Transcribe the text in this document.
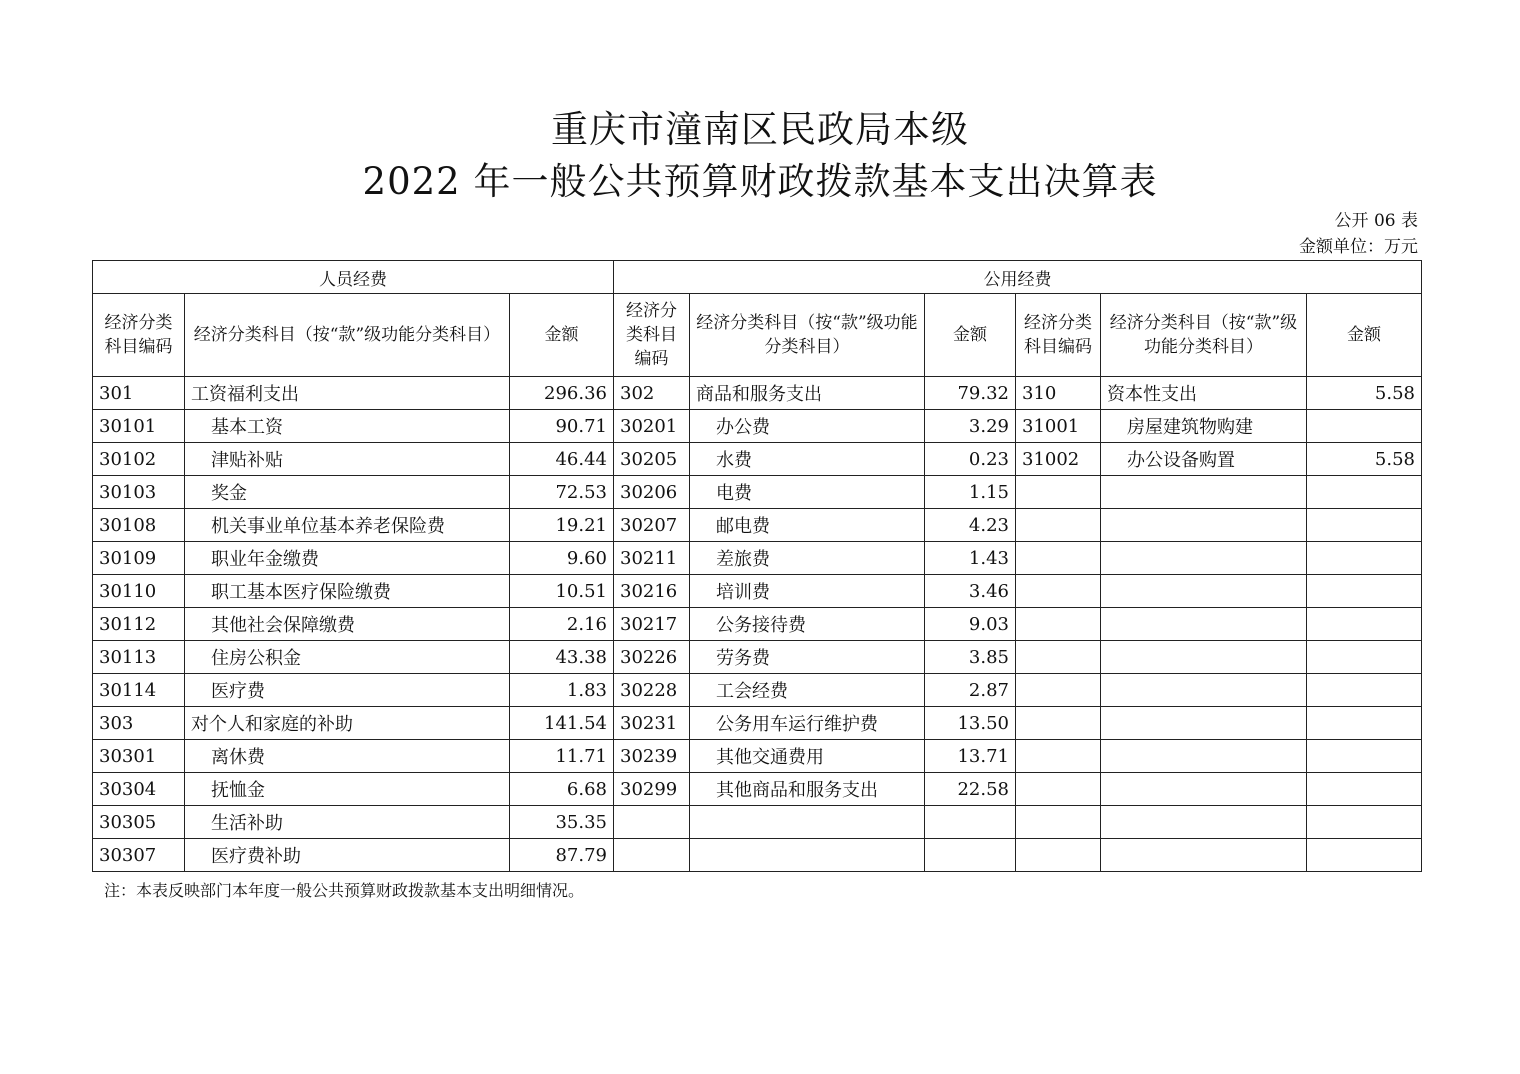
重庆市潼南区民政局本级
2022 年一般公共预算财政拨款基本支出决算表
公开 06 表
金额单位：万元
人员经费			公用经费					
经济分类科目编码	经济分类科目（按“款”级功能分类科目）	金额	经济分类科目编码	经济分类科目（按“款”级功能分类科目）	金额	经济分类科目编码	经济分类科目（按“款”级功能分类科目）	金额
301	工资福利支出	296.36	302	商品和服务支出	79.32	310	资本性支出	5.58
30101	基本工资	90.71	30201	办公费	3.29	31001	房屋建筑物购建	
30102	津贴补贴	46.44	30205	水费	0.23	31002	办公设备购置	5.58
30103	奖金	72.53	30206	电费	1.15			
30108	机关事业单位基本养老保险费	19.21	30207	邮电费	4.23			
30109	职业年金缴费	9.60	30211	差旅费	1.43			
30110	职工基本医疗保险缴费	10.51	30216	培训费	3.46			
30112	其他社会保障缴费	2.16	30217	公务接待费	9.03			
30113	住房公积金	43.38	30226	劳务费	3.85			
30114	医疗费	1.83	30228	工会经费	2.87			
303	对个人和家庭的补助	141.54	30231	公务用车运行维护费	13.50			
30301	离休费	11.71	30239	其他交通费用	13.71			
30304	抚恤金	6.68	30299	其他商品和服务支出	22.58			
30305	生活补助	35.35						
30307	医疗费补助	87.79						
注：本表反映部门本年度一般公共预算财政拨款基本支出明细情况。
